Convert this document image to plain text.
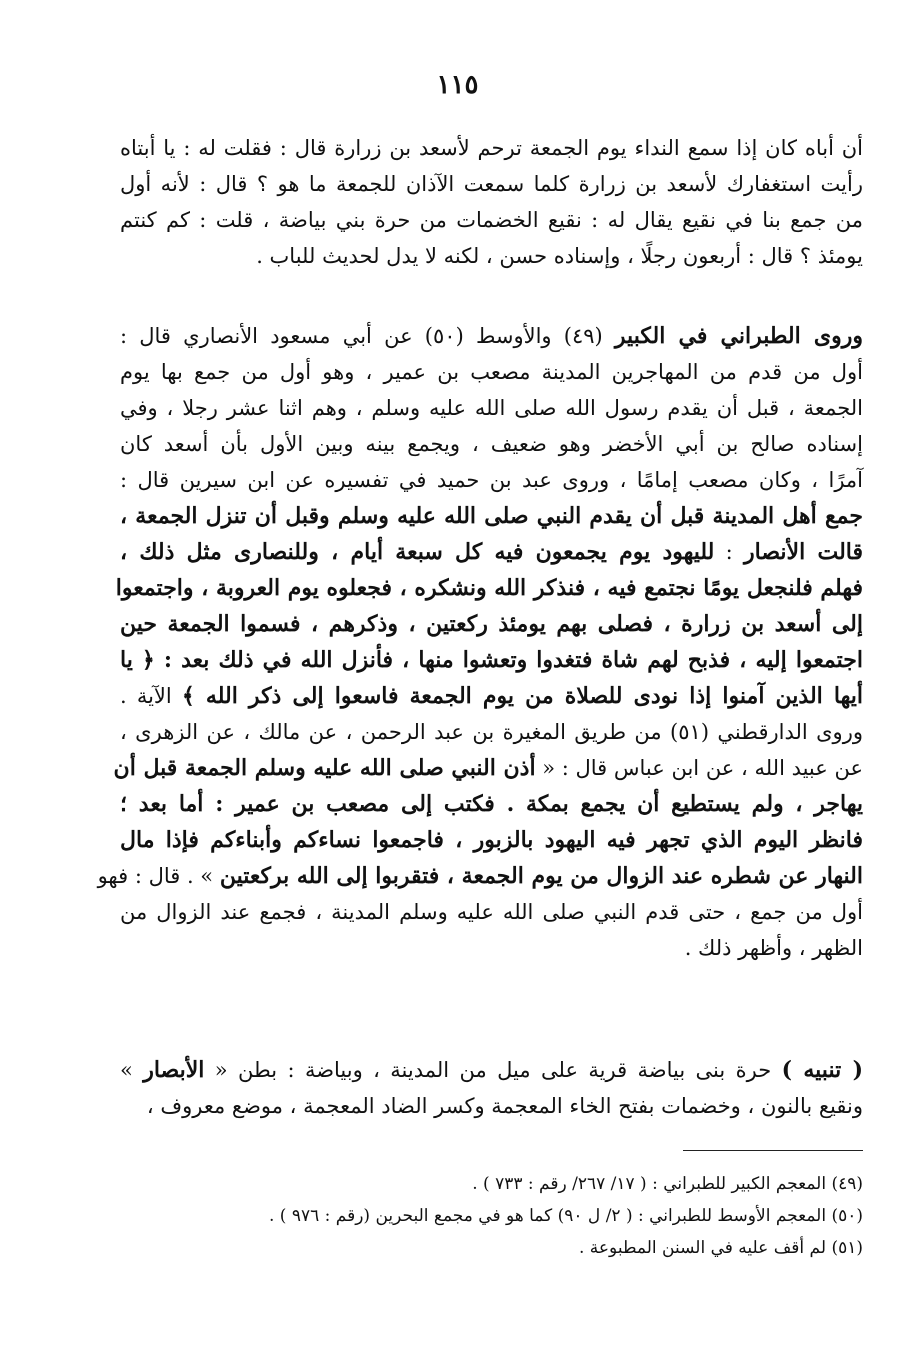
١١٥
أن أباه كان إذا سمع النداء يوم الجمعة ترحم لأسعد بن زرارة قال : فقلت له : يا أبتاه
رأيت استغفارك لأسعد بن زرارة كلما سمعت الآذان للجمعة ما هو ؟ قال : لأنه أول
من جمع بنا في نقيع يقال له : نقيع الخضمات من حرة بني بياضة ، قلت : كم كنتم
يومئذ ؟ قال : أربعون رجلًا ، وإسناده حسن ، لكنه لا يدل لحديث للباب .
وروى الطبراني في الكبير (٤٩) والأوسط (٥٠) عن أبي مسعود الأنصاري قال :
أول من قدم من المهاجرين المدينة مصعب بن عمير ، وهو أول من جمع بها يوم
الجمعة ، قبل أن يقدم رسول الله صلى الله عليه وسلم ، وهم اثنا عشر رجلا ، وفي
إسناده صالح بن أبي الأخضر وهو ضعيف ، ويجمع بينه وبين الأول بأن أسعد كان
آمرًا ، وكان مصعب إمامًا ، وروى عبد بن حميد في تفسيره عن ابن سيرين قال :
جمع أهل المدينة قبل أن يقدم النبي صلى الله عليه وسلم وقبل أن تنزل الجمعة ،
قالت الأنصار : لليهود يوم يجمعون فيه كل سبعة أيام ، وللنصارى مثل ذلك ،
فهلم فلنجعل يومًا نجتمع فيه ، فنذكر الله ونشكره ، فجعلوه يوم العروبة ، واجتمعوا
إلى أسعد بن زرارة ، فصلى بهم يومئذ ركعتين ، وذكرهم ، فسموا الجمعة حين
اجتمعوا إليه ، فذبح لهم شاة فتغدوا وتعشوا منها ، فأنزل الله في ذلك بعد : ﴿ يا
أيها الذين آمنوا إذا نودى للصلاة من يوم الجمعة فاسعوا إلى ذكر الله ﴾ الآية .
وروى الدارقطني (٥١) من طريق المغيرة بن عبد الرحمن ، عن مالك ، عن الزهرى ،
عن عبيد الله ، عن ابن عباس قال : « أذن النبي صلى الله عليه وسلم الجمعة قبل أن
يهاجر ، ولم يستطيع أن يجمع بمكة . فكتب إلى مصعب بن عمير : أما بعد ؛
فانظر اليوم الذي تجهر فيه اليهود بالزبور ، فاجمعوا نساءكم وأبناءكم فإذا مال
النهار عن شطره عند الزوال من يوم الجمعة ، فتقربوا إلى الله بركعتين » . قال : فهو
أول من جمع ، حتى قدم النبي صلى الله عليه وسلم المدينة ، فجمع عند الزوال من
الظهر ، وأظهر ذلك .
( تنبيه ) حرة بنى بياضة قرية على ميل من المدينة ، وبياضة : بطن « الأبصار »
ونقيع بالنون ، وخضمات بفتح الخاء المعجمة وكسر الضاد المعجمة ، موضع معروف ،
(٤٩) المعجم الكبير للطبراني : ( ١٧/ ٢٦٧/ رقم : ٧٣٣ ) .
(٥٠) المعجم الأوسط للطبراني : ( ٢/ ل ٩٠) كما هو في مجمع البحرين (رقم : ٩٧٦ ) .
(٥١) لم أقف عليه في السنن المطبوعة .
